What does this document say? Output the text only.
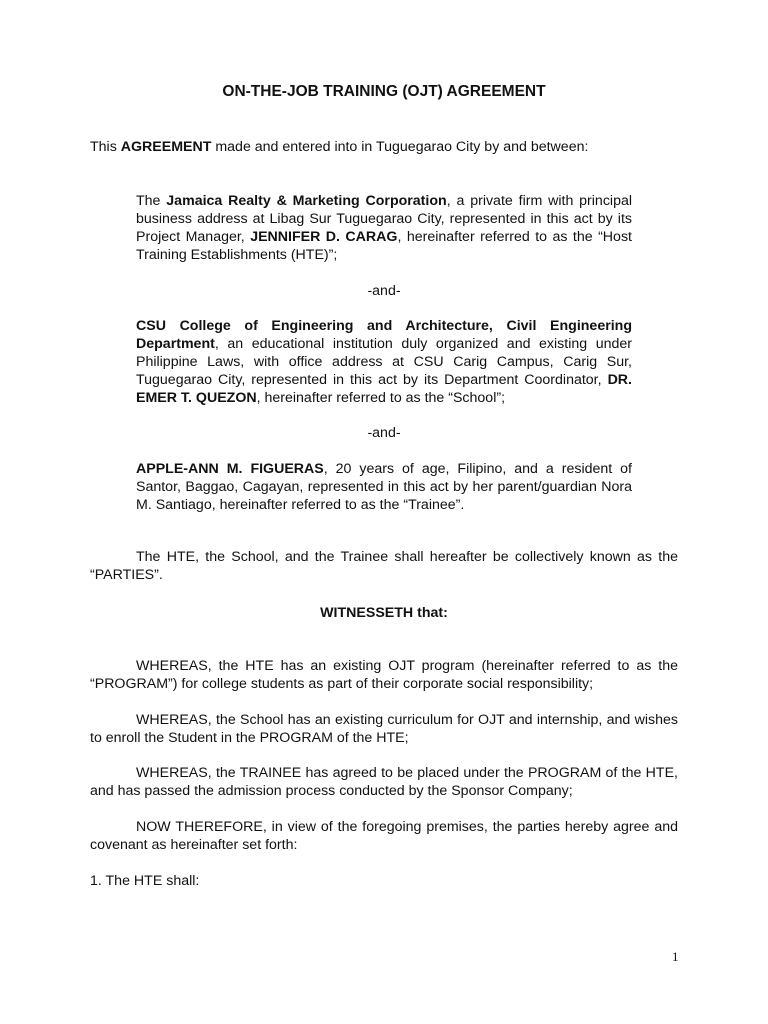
ON-THE-JOB TRAINING (OJT) AGREEMENT

This AGREEMENT made and entered into in Tuguegarao City by and between:

The Jamaica Realty & Marketing Corporation, a private firm with principal business address at Libag Sur Tuguegarao City, represented in this act by its Project Manager, JENNIFER D. CARAG, hereinafter referred to as the “Host Training Establishments (HTE)”;

-and-

CSU College of Engineering and Architecture, Civil Engineering Department, an educational institution duly organized and existing under Philippine Laws, with office address at CSU Carig Campus, Carig Sur, Tuguegarao City, represented in this act by its Department Coordinator, DR. EMER T. QUEZON, hereinafter referred to as the “School”;

-and-

APPLE-ANN M. FIGUERAS, 20 years of age, Filipino, and a resident of Santor, Baggao, Cagayan, represented in this act by her parent/guardian Nora M. Santiago, hereinafter referred to as the “Trainee”.

The HTE, the School, and the Trainee shall hereafter be collectively known as the “PARTIES”.

WITNESSETH that:

WHEREAS, the HTE has an existing OJT program (hereinafter referred to as the “PROGRAM”) for college students as part of their corporate social responsibility;

WHEREAS, the School has an existing curriculum for OJT and internship, and wishes to enroll the Student in the PROGRAM of the HTE;

WHEREAS, the TRAINEE has agreed to be placed under the PROGRAM of the HTE, and has passed the admission process conducted by the Sponsor Company;

NOW THEREFORE, in view of the foregoing premises, the parties hereby agree and covenant as hereinafter set forth:

1. The HTE shall:

1
